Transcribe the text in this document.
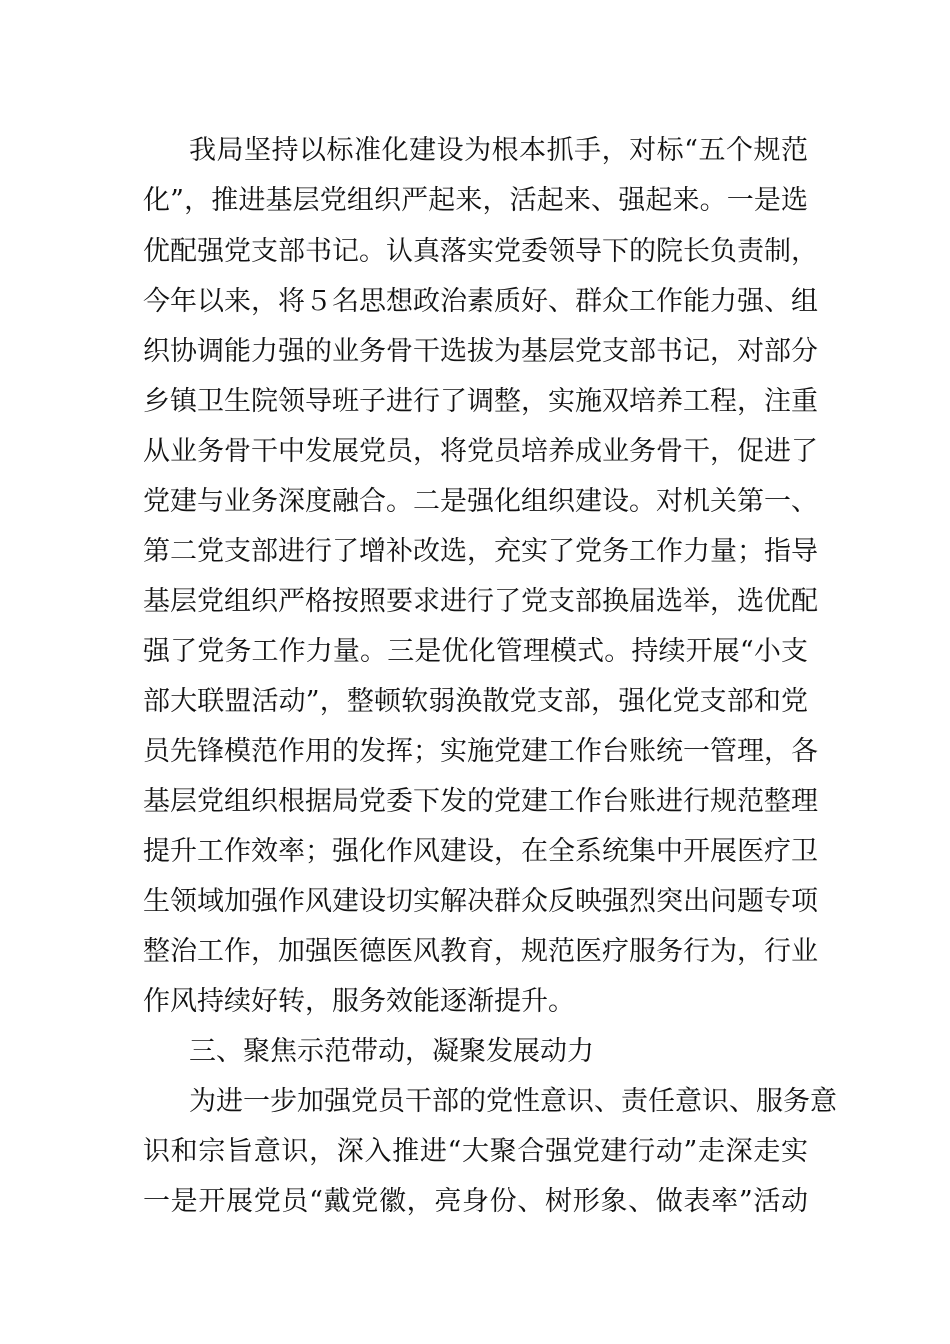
我局坚持以标准化建设为根本抓手，对标“五个规范
化”，推进基层党组织严起来，活起来、强起来。一是选
优配强党支部书记。认真落实党委领导下的院长负责制，
今年以来，将５名思想政治素质好、群众工作能力强、组
织协调能力强的业务骨干选拔为基层党支部书记，对部分
乡镇卫生院领导班子进行了调整，实施双培养工程，注重
从业务骨干中发展党员，将党员培养成业务骨干，促进了
党建与业务深度融合。二是强化组织建设。对机关第一、
第二党支部进行了增补改选，充实了党务工作力量；指导
基层党组织严格按照要求进行了党支部换届选举，选优配
强了党务工作力量。三是优化管理模式。持续开展“小支
部大联盟活动”，整顿软弱涣散党支部，强化党支部和党
员先锋模范作用的发挥；实施党建工作台账统一管理，各
基层党组织根据局党委下发的党建工作台账进行规范整理
提升工作效率；强化作风建设，在全系统集中开展医疗卫
生领域加强作风建设切实解决群众反映强烈突出问题专项
整治工作，加强医德医风教育，规范医疗服务行为，行业
作风持续好转，服务效能逐渐提升。
三、聚焦示范带动，凝聚发展动力
为进一步加强党员干部的党性意识、责任意识、服务意
识和宗旨意识，深入推进“大聚合强党建行动”走深走实
一是开展党员“戴党徽，亮身份、树形象、做表率”活动
